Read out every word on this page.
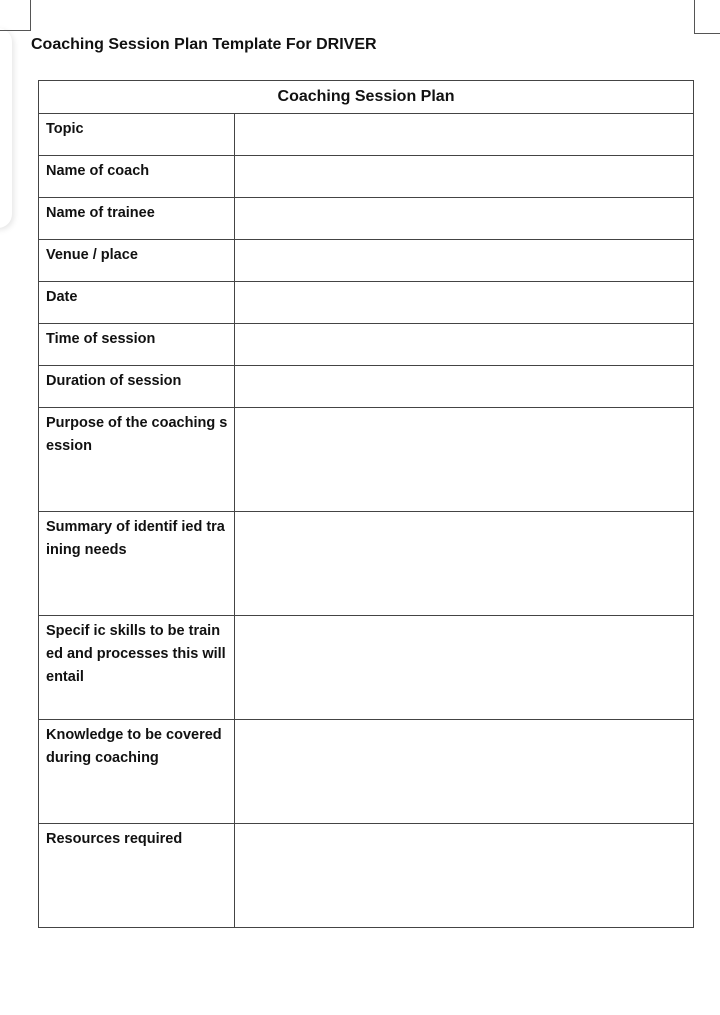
Coaching Session Plan Template For DRIVER
Coaching Session Plan	
Topic	
Name of coach	
Name of trainee	
Venue / place	
Date	
Time of session	
Duration of session	
Purpose of the coaching session	
Summary of identif ied training needs	
Specif ic skills to be trained and processes this will entail	
Knowledge to be covered during coaching	
Resources required	
